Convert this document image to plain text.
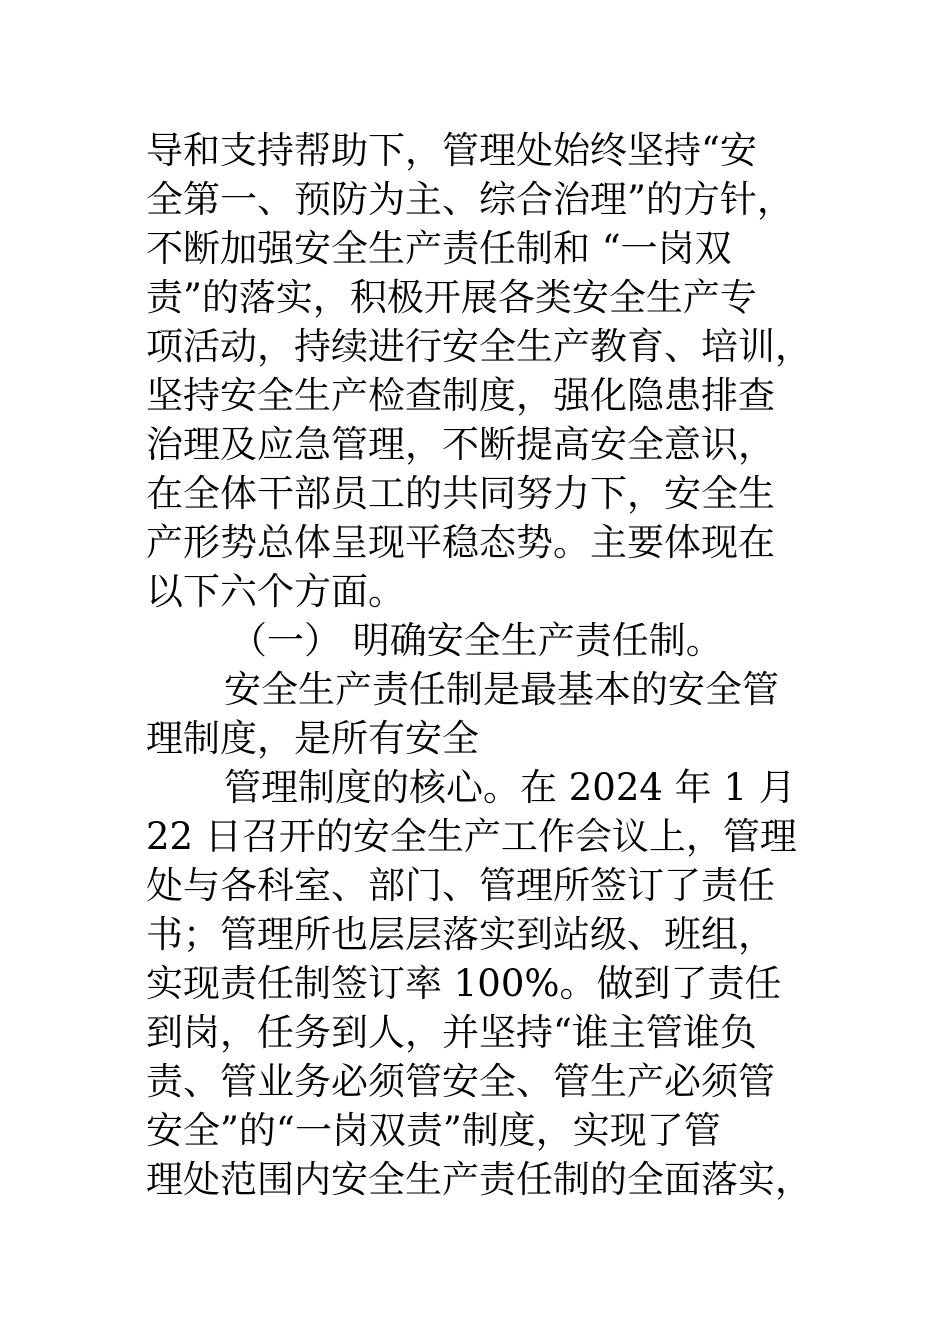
导和支持帮助下，管理处始终坚持“安
全第一、预防为主、综合治理”的方针，
不断加强安全生产责任制和 “一岗双
责”的落实，积极开展各类安全生产专
项活动，持续进行安全生产教育、培训，
坚持安全生产检查制度，强化隐患排查
治理及应急管理，不断提高安全意识，
在全体干部员工的共同努力下，安全生
产形势总体呈现平稳态势。主要体现在
以下六个方面。
（一） 明确安全生产责任制。
安全生产责任制是最基本的安全管
理制度，是所有安全
管理制度的核心。在 2024 年 1 月
22 日召开的安全生产工作会议上，管理
处与各科室、部门、管理所签订了责任
书；管理所也层层落实到站级、班组，
实现责任制签订率 100%。做到了责任
到岗，任务到人，并坚持“谁主管谁负
责、管业务必须管安全、管生产必须管
安全”的“一岗双责”制度，实现了管
理处范围内安全生产责任制的全面落实，
